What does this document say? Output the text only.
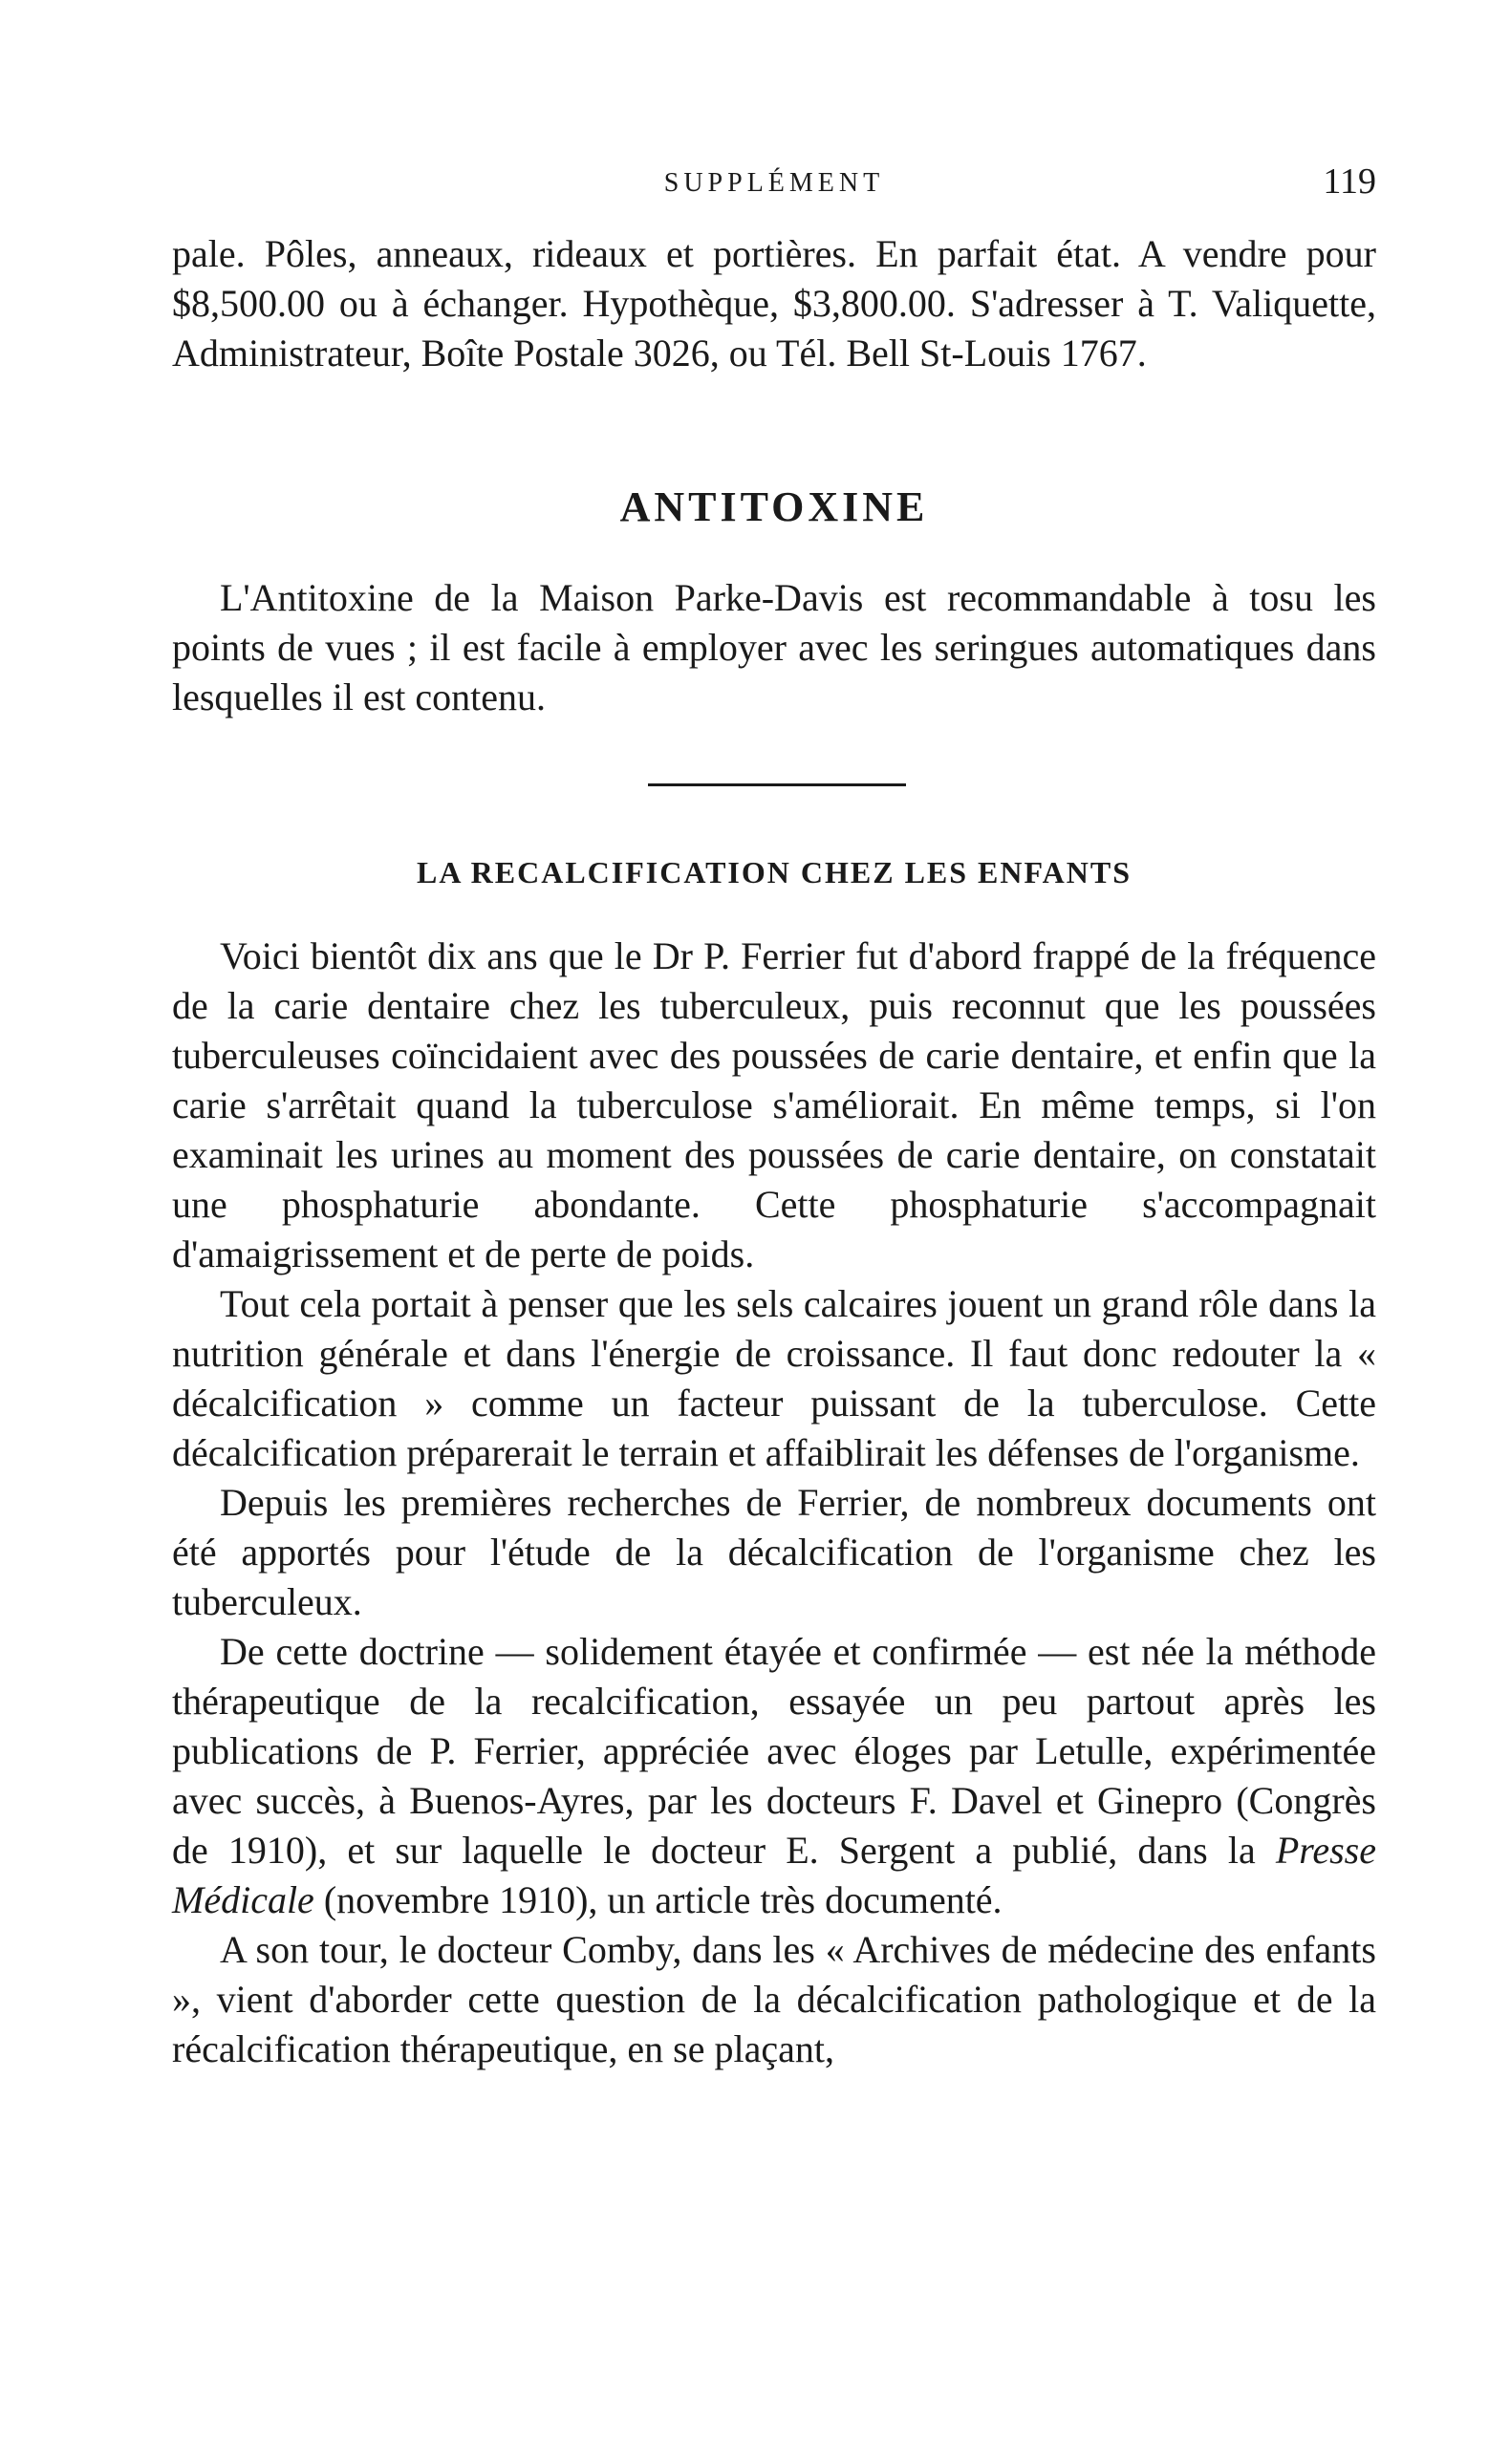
SUPPLÉMENT	119

pale. Pôles, anneaux, rideaux et portières. En parfait état. A vendre pour $8,500.00 ou à échanger. Hypothèque, $3,800.00. S'adresser à T. Valiquette, Administrateur, Boîte Postale 3026, ou Tél. Bell St-Louis 1767.

ANTITOXINE

L'Antitoxine de la Maison Parke-Davis est recommandable à tosu les points de vues ; il est facile à employer avec les seringues automatiques dans lesquelles il est contenu.

LA RECALCIFICATION CHEZ LES ENFANTS

Voici bientôt dix ans que le Dr P. Ferrier fut d'abord frappé de la fréquence de la carie dentaire chez les tuberculeux, puis reconnut que les poussées tuberculeuses coïncidaient avec des poussées de carie dentaire, et enfin que la carie s'arrêtait quand la tuberculose s'améliorait. En même temps, si l'on examinait les urines au moment des poussées de carie dentaire, on constatait une phosphaturie abondante. Cette phosphaturie s'accompagnait d'amaigrissement et de perte de poids.

Tout cela portait à penser que les sels calcaires jouent un grand rôle dans la nutrition générale et dans l'énergie de croissance. Il faut donc redouter la « décalcification » comme un facteur puissant de la tuberculose. Cette décalcification préparerait le terrain et affaiblirait les défenses de l'organisme.

Depuis les premières recherches de Ferrier, de nombreux documents ont été apportés pour l'étude de la décalcification de l'organisme chez les tuberculeux.

De cette doctrine — solidement étayée et confirmée — est née la méthode thérapeutique de la recalcification, essayée un peu partout après les publications de P. Ferrier, appréciée avec éloges par Letulle, expérimentée avec succès, à Buenos-Ayres, par les docteurs F. Davel et Ginepro (Congrès de 1910), et sur laquelle le docteur E. Sergent a publié, dans la Presse Médicale (novembre 1910), un article très documenté.

A son tour, le docteur Comby, dans les « Archives de médecine des enfants », vient d'aborder cette question de la décalcification pathologique et de la récalcification thérapeutique, en se plaçant,
